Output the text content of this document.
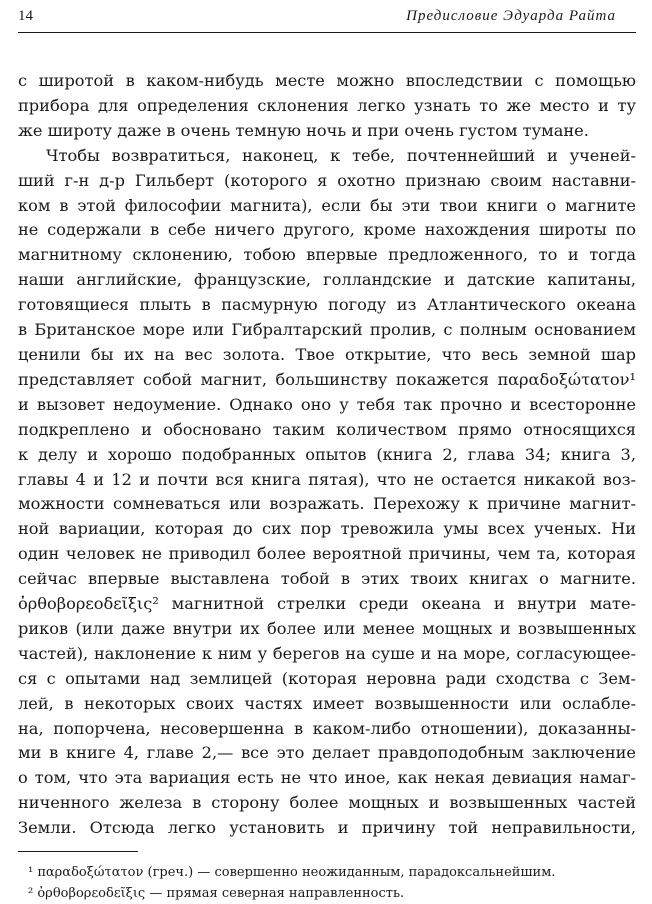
14	Предисловие Эдуарда Райта
с широтой в каком-нибудь месте можно впоследствии с помощью
прибора для определения склонения легко узнать то же место и ту
же широту даже в очень темную ночь и при очень густом тумане.
Чтобы возвратиться, наконец, к тебе, почтеннейший и ученей-
ший г-н д-р Гильберт (которого я охотно признаю своим наставни-
ком в этой философии магнита), если бы эти твои книги о магните
не содержали в себе ничего другого, кроме нахождения широты по
магнитному склонению, тобою впервые предложенного, то и тогда
наши английские, французские, голландские и датские капитаны,
готовящиеся плыть в пасмурную погоду из Атлантического океана
в Британское море или Гибралтарский пролив, с полным основанием
ценили бы их на вес золота. Твое открытие, что весь земной шар
представляет собой магнит, большинству покажется παραδοξώτατον¹
и вызовет недоумение. Однако оно у тебя так прочно и всесторонне
подкреплено и обосновано таким количеством прямо относящихся
к делу и хорошо подобранных опытов (книга 2, глава 34; книга 3,
главы 4 и 12 и почти вся книга пятая), что не остается никакой воз-
можности сомневаться или возражать. Перехожу к причине магнит-
ной вариации, которая до сих пор тревожила умы всех ученых. Ни
один человек не приводил более вероятной причины, чем та, которая
сейчас впервые выставлена тобой в этих твоих книгах о магните.
ὀρθοβορεοδεῖξις² магнитной стрелки среди океана и внутри мате-
риков (или даже внутри их более или менее мощных и возвышенных
частей), наклонение к ним у берегов на суше и на море, согласующее-
ся с опытами над землицей (которая неровна ради сходства с Зем-
лей, в некоторых своих частях имеет возвышенности или ослабле-
на, попорчена, несовершенна в каком-либо отношении), доказанны-
ми в книге 4, главе 2,— все это делает правдоподобным заключение
о том, что эта вариация есть не что иное, как некая девиация намаг-
ниченного железа в сторону более мощных и возвышенных частей
Земли. Отсюда легко установить и причину той неправильности,
¹ παραδοξώτατον (греч.) — совершенно неожиданным, парадоксальнейшим.
² ὀρθοβορεοδεῖξις — прямая северная направленность.
